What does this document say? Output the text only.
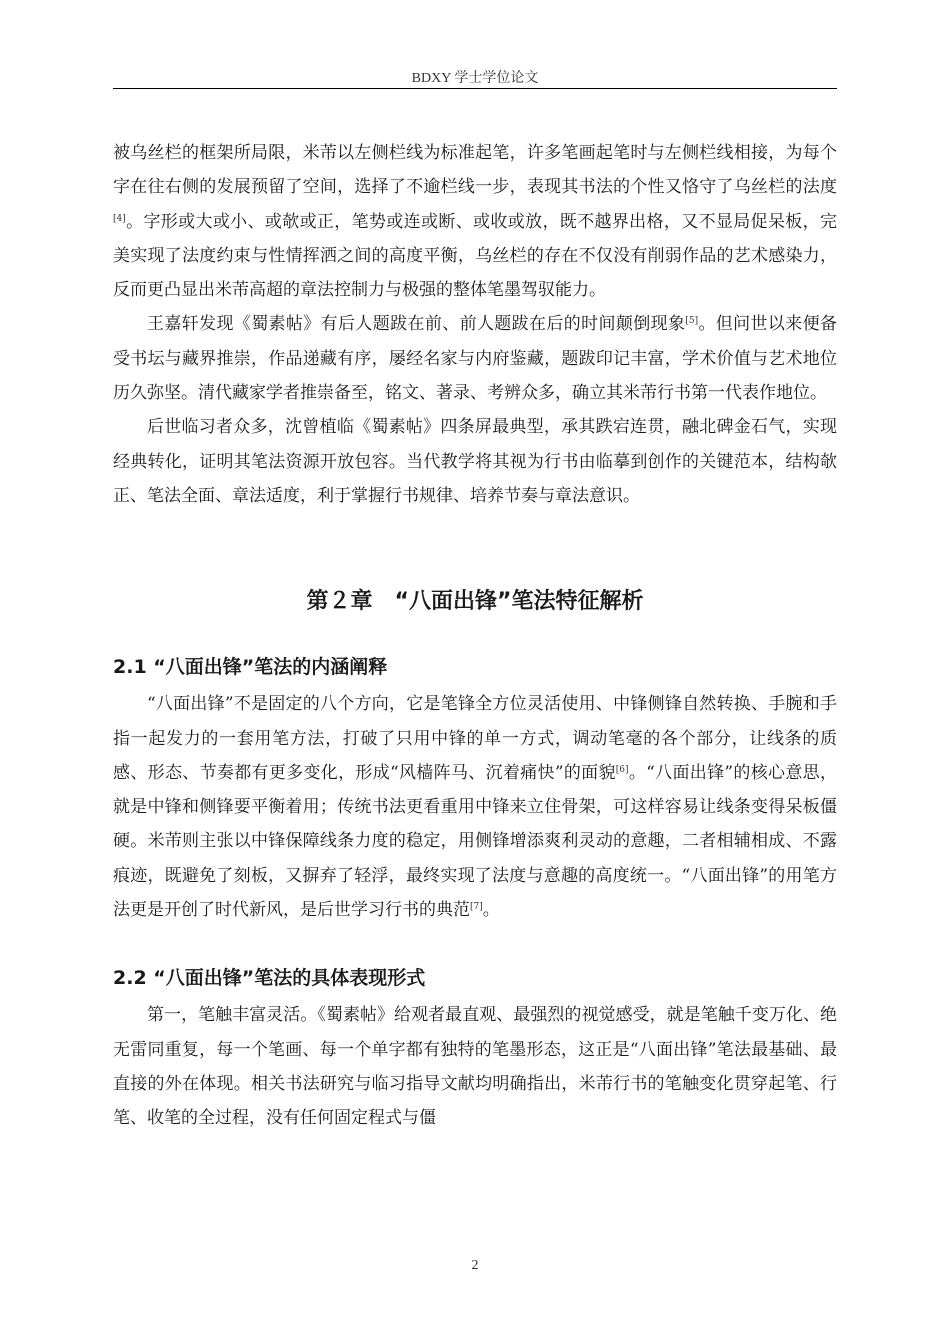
BDXY 学士学位论文

被乌丝栏的框架所局限，米芾以左侧栏线为标准起笔，许多笔画起笔时与左侧栏线相接，为每个字在往右侧的发展预留了空间，选择了不逾栏线一步，表现其书法的个性又恪守了乌丝栏的法度[4]。字形或大或小、或欹或正，笔势或连或断、或收或放，既不越界出格，又不显局促呆板，完美实现了法度约束与性情挥洒之间的高度平衡，乌丝栏的存在不仅没有削弱作品的艺术感染力，反而更凸显出米芾高超的章法控制力与极强的整体笔墨驾驭能力。

王嘉轩发现《蜀素帖》有后人题跋在前、前人题跋在后的时间颠倒现象[5]。但问世以来便备受书坛与藏界推崇，作品递藏有序，屡经名家与内府鉴藏，题跋印记丰富，学术价值与艺术地位历久弥坚。清代藏家学者推崇备至，铭文、著录、考辨众多，确立其米芾行书第一代表作地位。

后世临习者众多，沈曾植临《蜀素帖》四条屏最典型，承其跌宕连贯，融北碑金石气，实现经典转化，证明其笔法资源开放包容。当代教学将其视为行书由临摹到创作的关键范本，结构欹正、笔法全面、章法适度，利于掌握行书规律、培养节奏与章法意识。

第２章　“八面出锋”笔法特征解析
2.1 “八面出锋”笔法的内涵阐释

“八面出锋”不是固定的八个方向，它是笔锋全方位灵活使用、中锋侧锋自然转换、手腕和手指一起发力的一套用笔方法，打破了只用中锋的单一方式，调动笔毫的各个部分，让线条的质感、形态、节奏都有更多变化，形成“风樯阵马、沉着痛快”的面貌[6]。“八面出锋”的核心意思，就是中锋和侧锋要平衡着用；传统书法更看重用中锋来立住骨架，可这样容易让线条变得呆板僵硬。米芾则主张以中锋保障线条力度的稳定，用侧锋增添爽利灵动的意趣，二者相辅相成、不露痕迹，既避免了刻板，又摒弃了轻浮，最终实现了法度与意趣的高度统一。“八面出锋”的用笔方法更是开创了时代新风，是后世学习行书的典范[7]。

2.2 “八面出锋”笔法的具体表现形式

第一，笔触丰富灵活。《蜀素帖》给观者最直观、最强烈的视觉感受，就是笔触千变万化、绝无雷同重复，每一个笔画、每一个单字都有独特的笔墨形态，这正是“八面出锋”笔法最基础、最直接的外在体现。相关书法研究与临习指导文献均明确指出，米芾行书的笔触变化贯穿起笔、行笔、收笔的全过程，没有任何固定程式与僵

2
